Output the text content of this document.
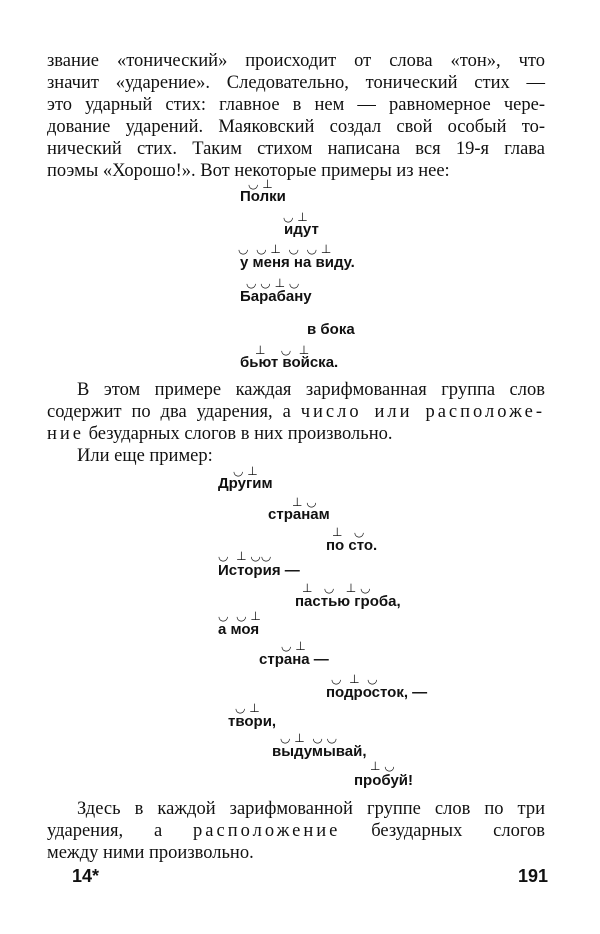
звание «тонический» происходит от слова «тон», что
значит «ударение». Следовательно, тонический стих —
это ударный стих: главное в нем — равномерное чере-
дование ударений. Маяковский создал свой особый то-
нический стих. Таким стихом написана вся 19-я глава
поэмы «Хорошо!». Вот некоторые примеры из нее:
◡ ⊥
Полки
◡ ⊥
идут
◡  ◡ ⊥  ◡  ◡ ⊥
у меня на виду.
◡ ◡ ⊥ ◡
Барабану
в бока
⊥    ◡  ⊥
бьют войска.
В этом примере каждая зарифмованная группа слов
содержит по два ударения, а число или расположе-
ние безударных слогов в них произвольно.
Или еще пример:
◡ ⊥
Другим
⊥ ◡
странам
⊥   ◡
по сто.
◡  ⊥ ◡◡
История —
⊥   ◡   ⊥ ◡
пастью гроба,
◡  ◡ ⊥
а моя
◡ ⊥
страна —
◡  ⊥  ◡
подросток, —
◡ ⊥
твори,
◡ ⊥  ◡ ◡
выдумывай,
⊥ ◡
пробуй!
Здесь в каждой зарифмованной группе слов по три
ударения, а расположение безударных слогов
между ними произвольно.
14*	191
